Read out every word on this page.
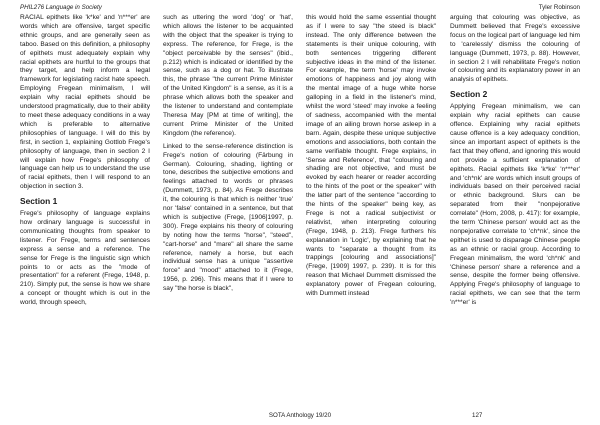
PHIL276 Language in Society	Tyler Robinson

RACIAL epithets like 'k*ke' and 'n***er' are words which are offensive, target specific ethnic groups, and are generally seen as taboo. Based on this definition, a philosophy of epithets must adequately explain why racial epithets are hurtful to the groups that they target, and help inform a legal framework for legislating racist hate speech. Employing Fregean minimalism, I will explain why racial epithets should be understood pragmatically, due to their ability to meet these adequacy conditions in a way which is preferable to alternative philosophies of language. I will do this by first, in section 1, explaining Gottlob Frege's philosophy of language, then in section 2 I will explain how Frege's philosophy of language can help us to understand the use of racial epithets, then I will respond to an objection in section 3.

Section 1

Frege's philosophy of language explains how ordinary language is successful in communicating thoughts from speaker to listener. For Frege, terms and sentences express a sense and a reference. The sense for Frege is the linguistic sign which points to or acts as the "mode of presentation" for a referent (Frege, 1948, p. 210). Simply put, the sense is how we share a concept or thought which is out in the world, through speech,

such as uttering the word 'dog' or 'hat', which allows the listener to be acquainted with the object that the speaker is trying to express. The reference, for Frege, is the "object perceivable by the senses" (ibid., p.212) which is indicated or identified by the sense, such as a dog or hat. To illustrate this, the phrase "the current Prime Minister of the United Kingdom" is a sense, as it is a phrase which allows both the speaker and the listener to understand and contemplate Theresa May [PM at time of writing], the current Prime Minister of the United Kingdom (the reference).

Linked to the sense-reference distinction is Frege's notion of colouring (Färbung in German). Colouring, shading, lighting or tone, describes the subjective emotions and feelings attached to words or phrases (Dummett, 1973, p. 84). As Frege describes it, the colouring is that which is neither 'true' nor 'false' contained in a sentence, but that which is subjective (Frege, [1906]1997, p. 300). Frege explains his theory of colouring by noting how the terms "horse", "steed", "cart-horse" and "mare" all share the same reference, namely a horse, but each individual sense has a unique "assertive force" and "mood" attached to it (Frege, 1956, p. 296). This means that if I were to say "the horse is black",

this would hold the same essential thought as if I were to say "the steed is black" instead. The only difference between the statements is their unique colouring, with both sentences triggering different subjective ideas in the mind of the listener. For example, the term 'horse' may invoke emotions of happiness and joy along with the mental image of a huge white horse galloping in a field in the listener's mind, whilst the word 'steed' may invoke a feeling of sadness, accompanied with the mental image of an ailing brown horse asleep in a barn. Again, despite these unique subjective emotions and associations, both contain the same verifiable thought. Frege explains, in 'Sense and Reference', that "colouring and shading are not objective, and must be evoked by each hearer or reader according to the hints of the poet or the speaker" with the latter part of the sentence "according to the hints of the speaker" being key, as Frege is not a radical subjectivist or relativist, when interpreting colouring (Frege, 1948, p. 213). Frege furthers his explanation in 'Logic', by explaining that he wants to "separate a thought from its trappings [colouring and associations]" (Frege, [1909] 1997, p. 239). It is for this reason that Michael Dummett dismissed the explanatory power of Fregean colouring, with Dummett instead

arguing that colouring was objective, as Dummett believed that Frege's excessive focus on the logical part of language led him to 'carelessly' dismiss the colouring of language (Dummett, 1973, p. 88). However, in section 2 I will rehabilitate Frege's notion of colouring and its explanatory power in an analysis of epithets.

Section 2

Applying Fregean minimalism, we can explain why racial epithets can cause offence. Explaining why racial epithets cause offence is a key adequacy condition, since an important aspect of epithets is the fact that they offend, and ignoring this would not provide a sufficient explanation of epithets. Racial epithets like 'k*ke' 'n***er' and 'ch*nk' are words which insult groups of individuals based on their perceived racial or ethnic background. Slurs can be separated from their "nonpejorative correlate" (Hom, 2008, p. 417): for example, the term 'Chinese person' would act as the nonpejorative correlate to 'ch*nk', since the epithet is used to disparage Chinese people as an ethnic or racial group. According to Fregean minimalism, the word 'ch*nk' and 'Chinese person' share a reference and a sense, despite the former being offensive. Applying Frege's philosophy of language to racial epithets, we can see that the term 'n***er' is

SOTA Anthology 19/20	127
